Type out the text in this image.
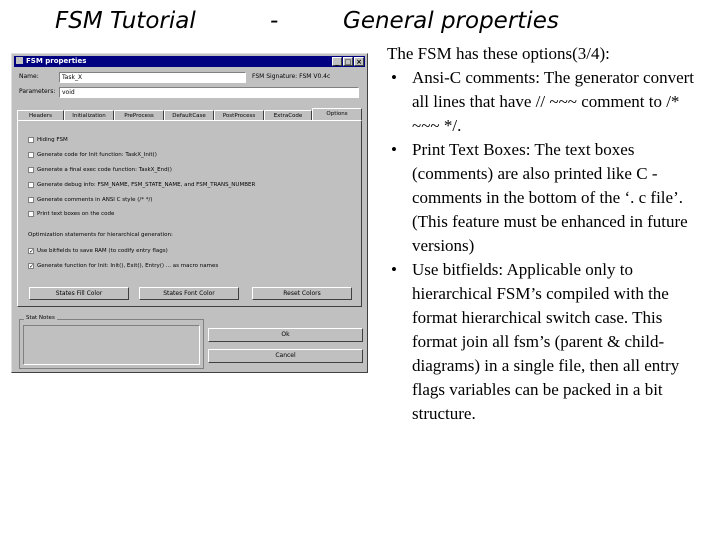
FSM Tutorial	-	General properties
FSM properties	_ □ ×
Name:	Task_X	FSM Signature: FSM V0.4c
Parameters:	void
Headers	Initialization	PreProcess	DefaultCase	PostProcess	ExtraCode	Options
Hiding FSM
Generate code for Init function: TaskX_Init()
Generate a final exec code function: TaskX_End()
Generate debug info: FSM_NAME, FSM_STATE_NAME, and FSM_TRANS_NUMBER
Generate comments in ANSI C style (/* */)
Print text boxes on the code
Optimization statements for hierarchical generation:
✓ Use bitfields to save RAM (to codify entry flags)
✓ Generate function for Init: Init(), Exit(), Entry() ... as macro names
States Fill Color	States Font Color	Reset Colors
Stat Notes
Ok
Cancel
The FSM has these options(3/4):
• Ansi-C comments: The generator convert all lines that have // ~~~ comment to /* ~~~ */.
• Print Text Boxes: The text boxes (comments) are also printed like C - comments in the bottom of the ‘. c file’. (This feature must be enhanced in future versions)
• Use bitfields: Applicable only to hierarchical FSM’s compiled with the format hierarchical switch case. This format join all fsm’s (parent & child-diagrams) in a single file, then all entry flags variables can be packed in a bit structure.
